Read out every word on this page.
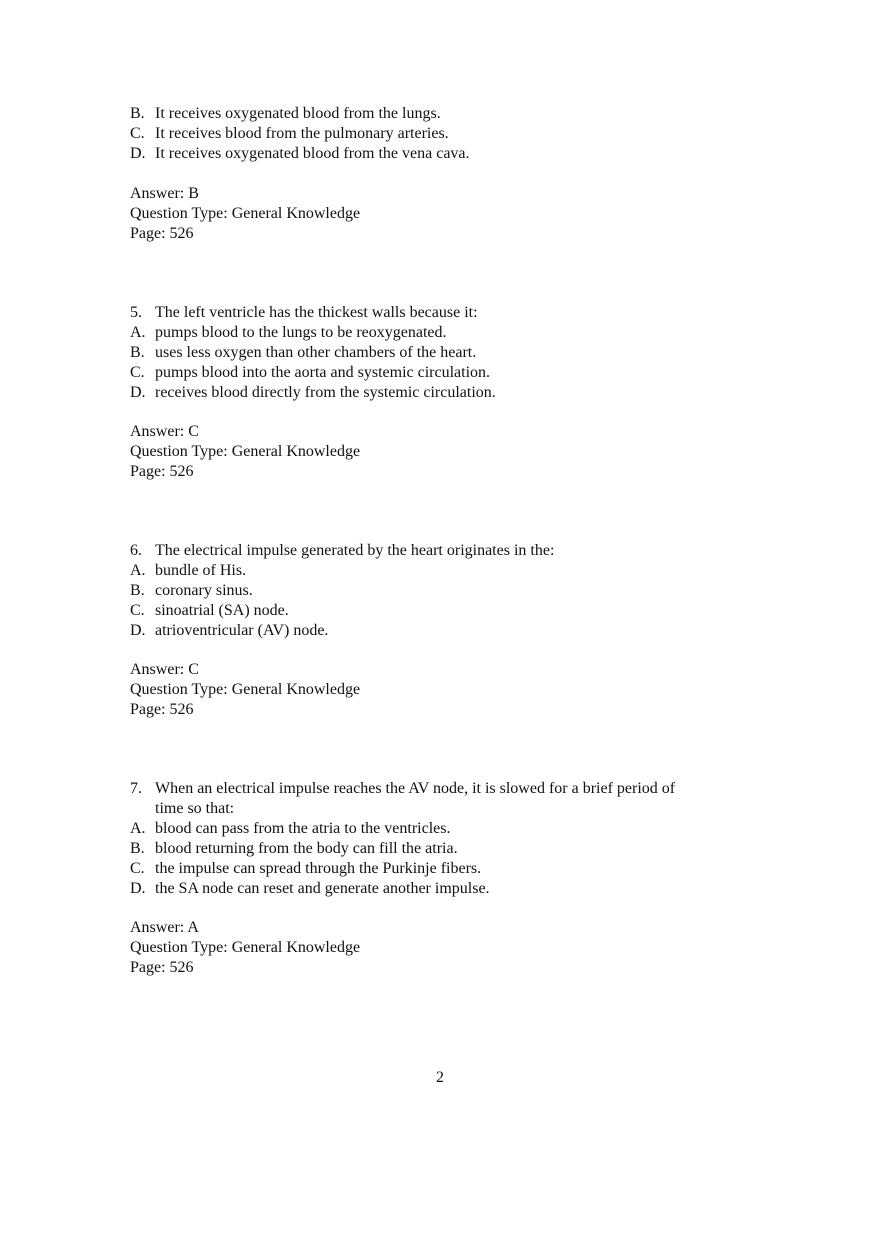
B. It receives oxygenated blood from the lungs.
C. It receives blood from the pulmonary arteries.
D. It receives oxygenated blood from the vena cava.
Answer: B
Question Type: General Knowledge
Page: 526
5. The left ventricle has the thickest walls because it:
A. pumps blood to the lungs to be reoxygenated.
B. uses less oxygen than other chambers of the heart.
C. pumps blood into the aorta and systemic circulation.
D. receives blood directly from the systemic circulation.
Answer: C
Question Type: General Knowledge
Page: 526
6. The electrical impulse generated by the heart originates in the:
A. bundle of His.
B. coronary sinus.
C. sinoatrial (SA) node.
D. atrioventricular (AV) node.
Answer: C
Question Type: General Knowledge
Page: 526
7. When an electrical impulse reaches the AV node, it is slowed for a brief period of
time so that:
A. blood can pass from the atria to the ventricles.
B. blood returning from the body can fill the atria.
C. the impulse can spread through the Purkinje fibers.
D. the SA node can reset and generate another impulse.
Answer: A
Question Type: General Knowledge
Page: 526
2
